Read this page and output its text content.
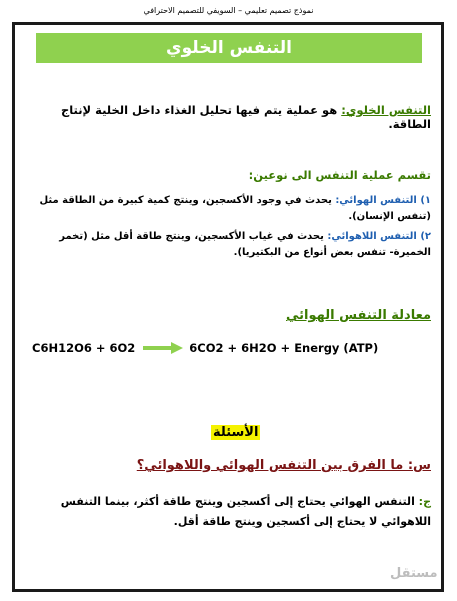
نموذج تصميم تعليمي – السويفي للتصميم الاحترافي
التنفس الخلوي
التنفس الخلوي: هو عملية يتم فيها تحليل الغذاء داخل الخلية لإنتاج الطاقة.
تقسم عملية التنفس الى نوعين:
١) التنفس الهوائي: يحدث في وجود الأكسجين، وينتج كمية كبيرة من الطاقة مثل (تنفس الإنسان).
٢) التنفس اللاهوائي: يحدث في غياب الأكسجين، وينتج طاقة أقل مثل (تخمر الخميرة- تنفس بعض أنواع من البكتيريا).
معادلة التنفس الهوائي
C6H12O6 + 6O2	6CO2 + 6H2O + Energy (ATP)
الأسئلة
س: ما الفرق بين التنفس الهوائي واللاهوائي؟
ج: التنفس الهوائي يحتاج إلى أكسجين وينتج طاقة أكثر، بينما التنفس اللاهوائي لا يحتاج إلى أكسجين وينتج طاقة أقل.
مستقل
